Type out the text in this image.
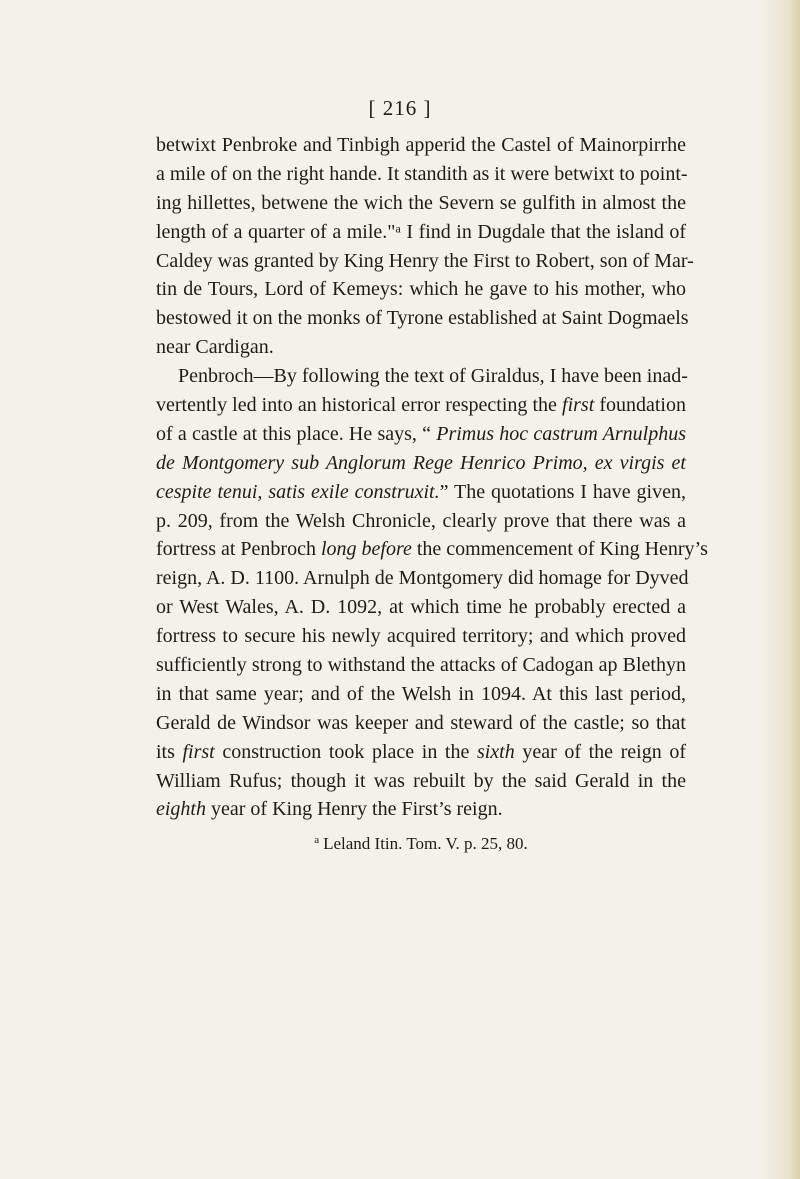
[ 216 ]
betwixt Penbroke and Tinbigh apperid the Castel of Mainorpirrhe
a mile of on the right hande. It standith as it were betwixt to point-
ing hillettes, betwene the wich the Severn se gulfith in almost the
length of a quarter of a mile."ᵃ I find in Dugdale that the island of
Caldey was granted by King Henry the First to Robert, son of Mar-
tin de Tours, Lord of Kemeys: which he gave to his mother, who
bestowed it on the monks of Tyrone established at Saint Dogmaels
near Cardigan.
Penbroch—By following the text of Giraldus, I have been inad-
vertently led into an historical error respecting the first foundation
of a castle at this place. He says, “ Primus hoc castrum Arnulphus
de Montgomery sub Anglorum Rege Henrico Primo, ex virgis et
cespite tenui, satis exile construxit.” The quotations I have given,
p. 209, from the Welsh Chronicle, clearly prove that there was a
fortress at Penbroch long before the commencement of King Henry’s
reign, A. D. 1100. Arnulph de Montgomery did homage for Dyved
or West Wales, A. D. 1092, at which time he probably erected a
fortress to secure his newly acquired territory; and which proved
sufficiently strong to withstand the attacks of Cadogan ap Blethyn
in that same year; and of the Welsh in 1094. At this last period,
Gerald de Windsor was keeper and steward of the castle; so that
its first construction took place in the sixth year of the reign of
William Rufus; though it was rebuilt by the said Gerald in the
eighth year of King Henry the First’s reign.
$^a$ Leland Itin. Tom. V. p. 25, 80.
